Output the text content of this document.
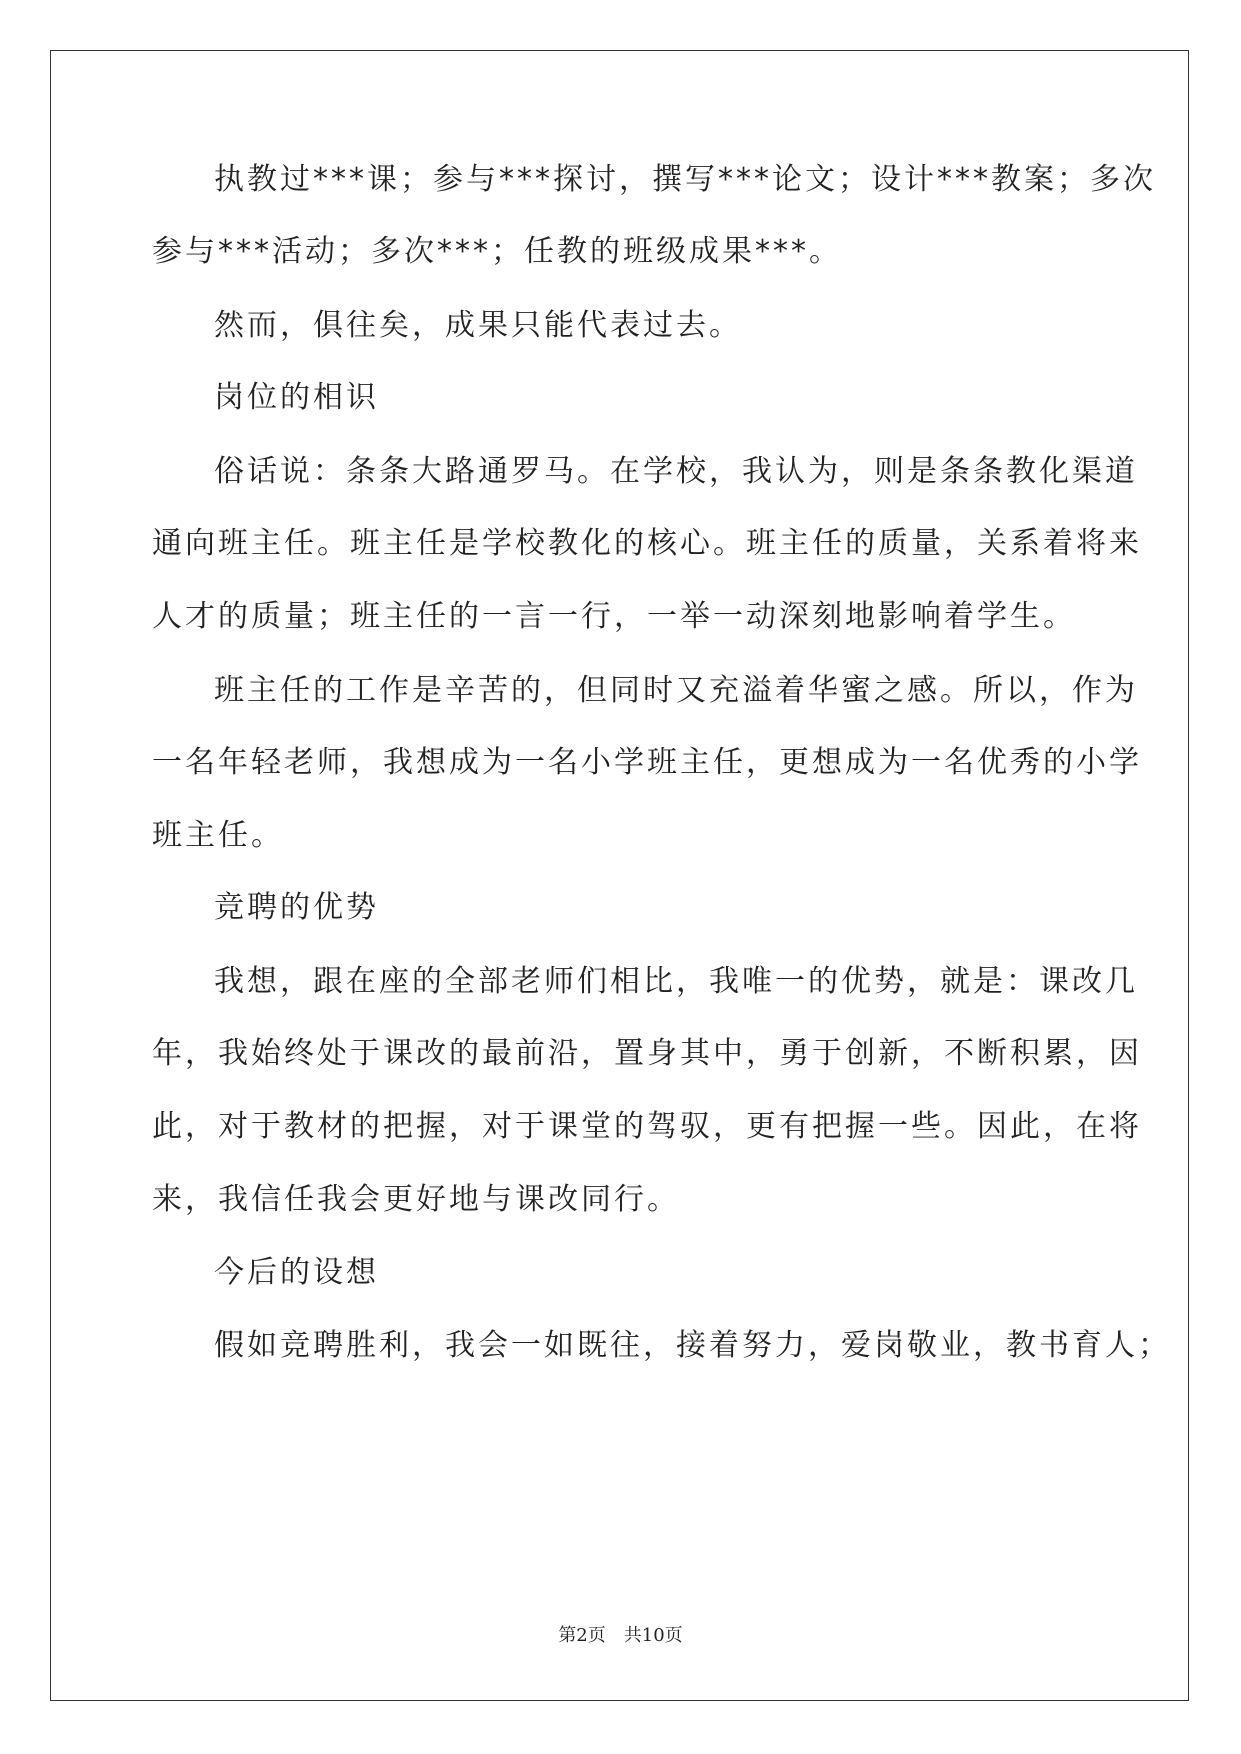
执教过***课；参与***探讨，撰写***论文；设计***教案；多次
参与***活动；多次***；任教的班级成果***。
然而，俱往矣，成果只能代表过去。
岗位的相识
俗话说：条条大路通罗马。在学校，我认为，则是条条教化渠道
通向班主任。班主任是学校教化的核心。班主任的质量，关系着将来
人才的质量；班主任的一言一行，一举一动深刻地影响着学生。
班主任的工作是辛苦的，但同时又充溢着华蜜之感。所以，作为
一名年轻老师，我想成为一名小学班主任，更想成为一名优秀的小学
班主任。
竞聘的优势
我想，跟在座的全部老师们相比，我唯一的优势，就是：课改几
年，我始终处于课改的最前沿，置身其中，勇于创新，不断积累，因
此，对于教材的把握，对于课堂的驾驭，更有把握一些。因此，在将
来，我信任我会更好地与课改同行。
今后的设想
假如竞聘胜利，我会一如既往，接着努力，爱岗敬业，教书育人；
第2页　共10页
